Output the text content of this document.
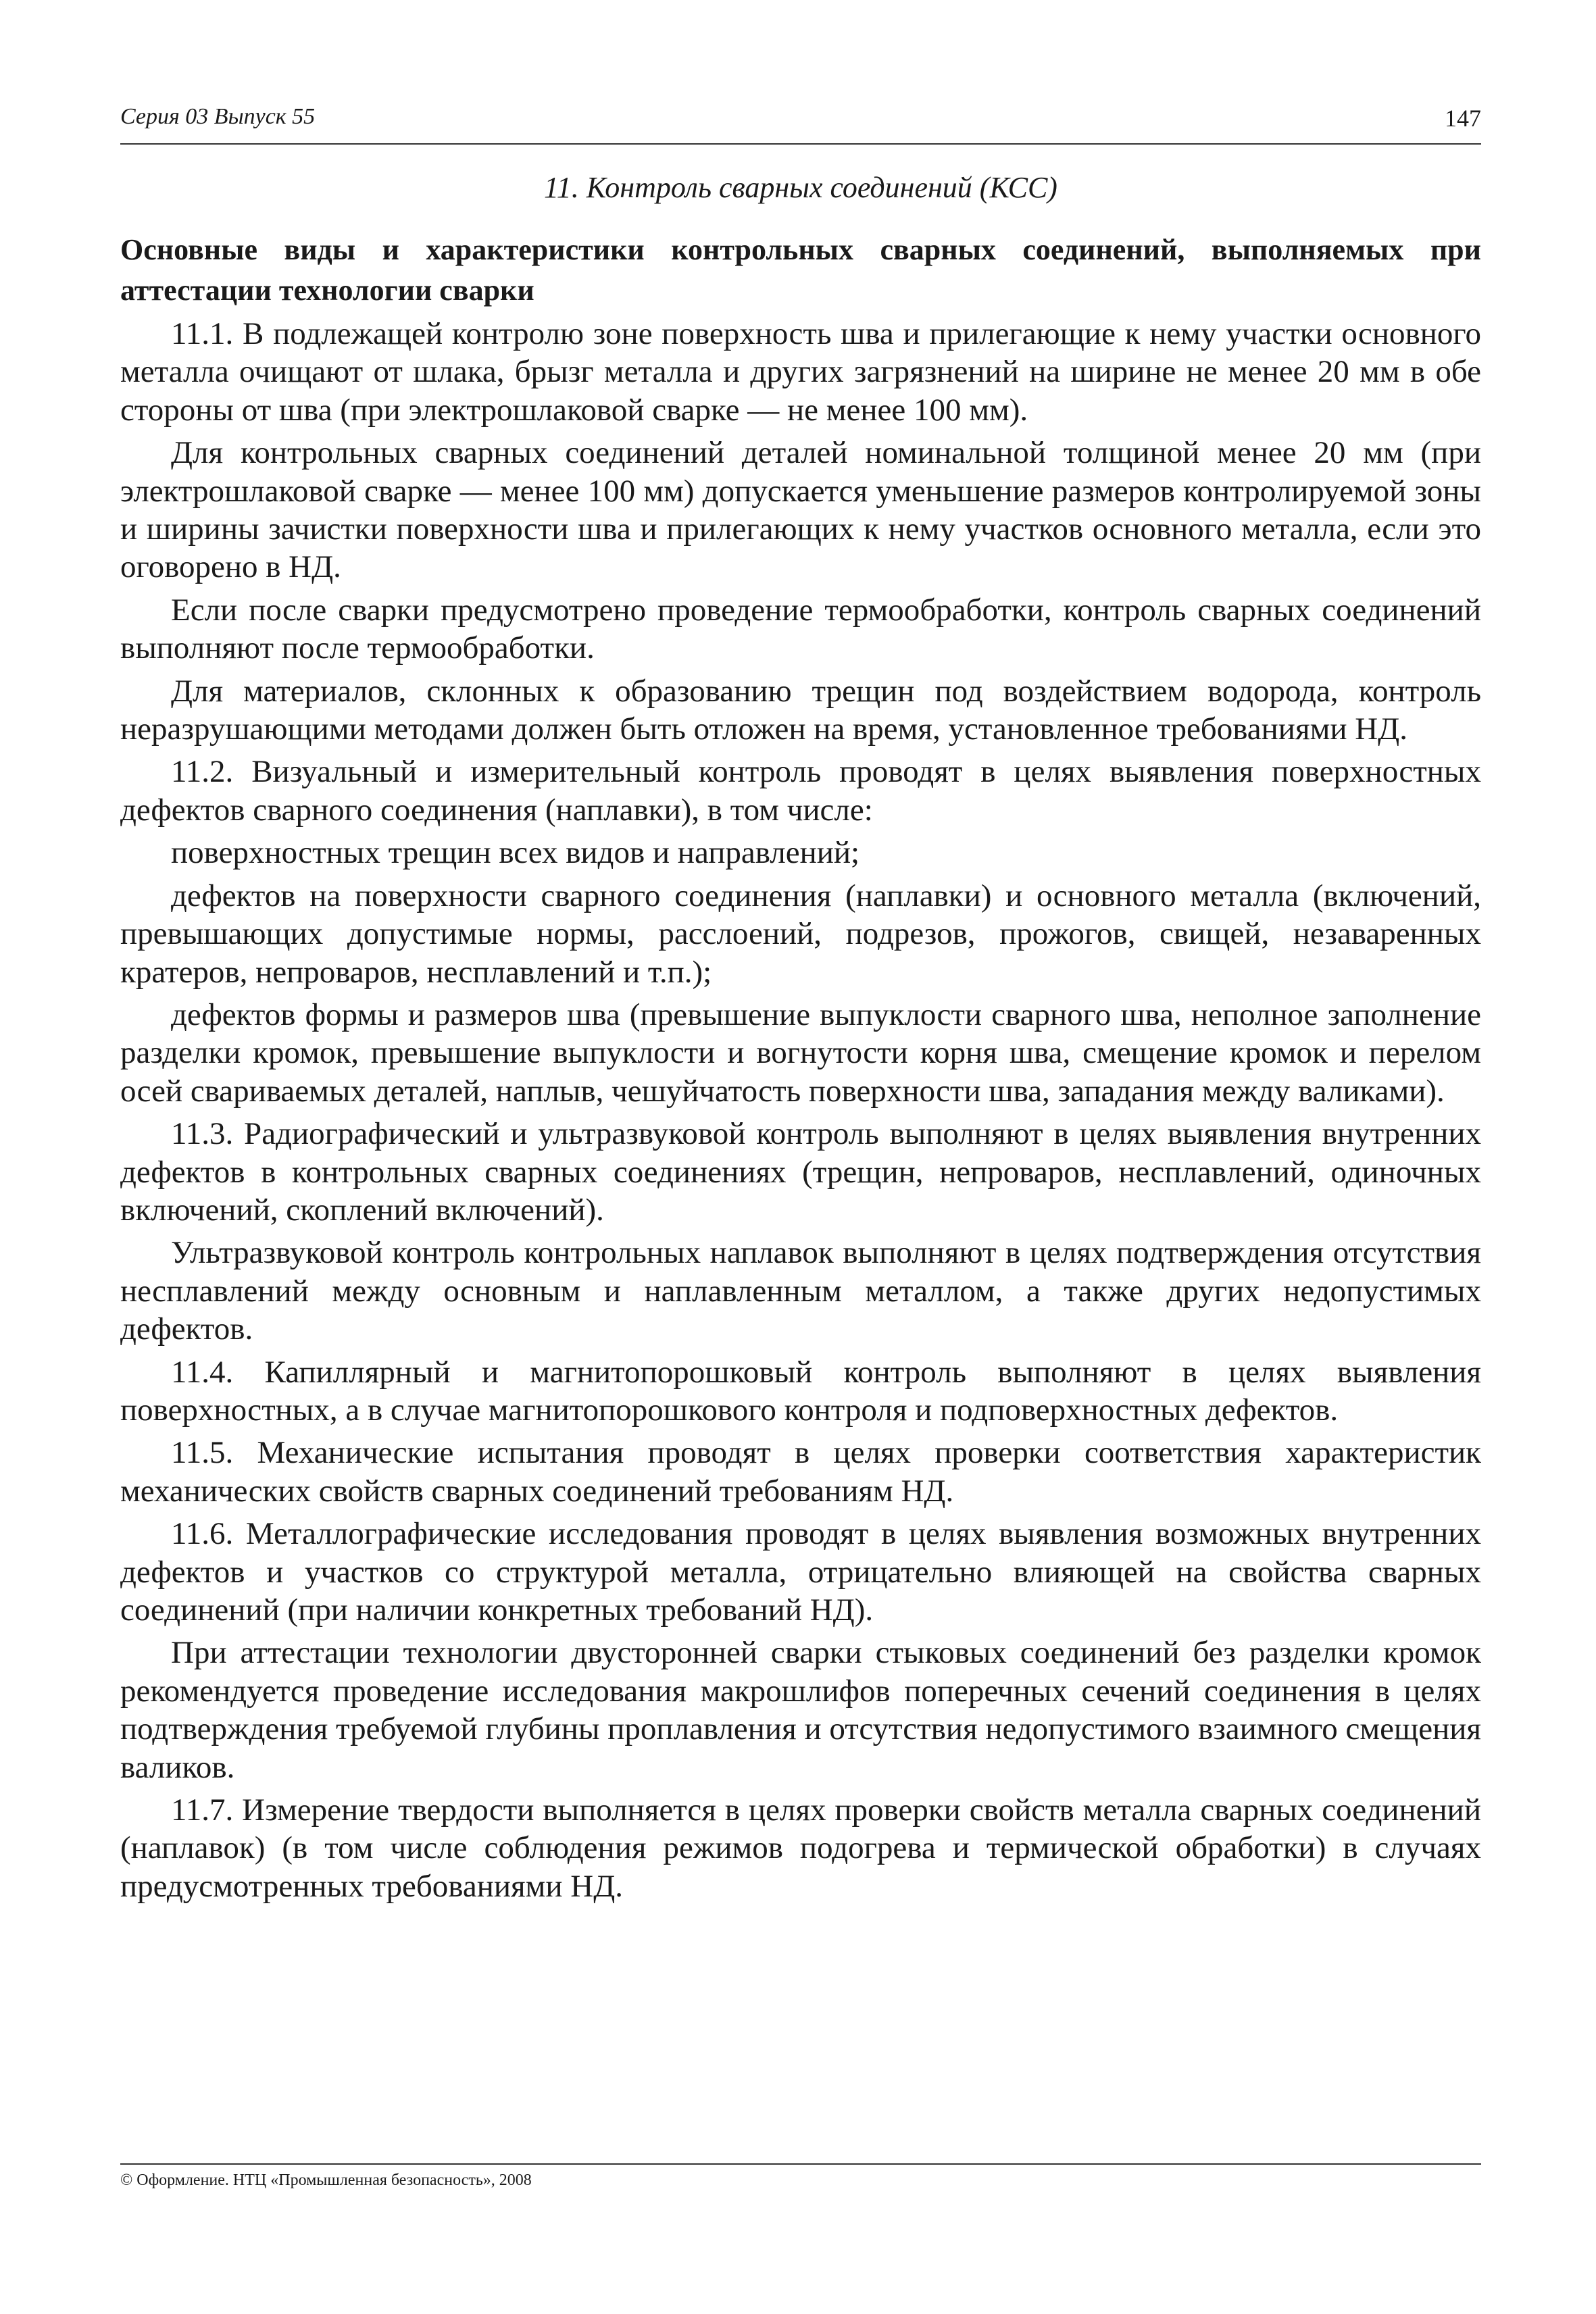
Серия 03 Выпуск 55	147
11. Контроль сварных соединений (КСС)
Основные виды и характеристики контрольных сварных соединений, выполняемых при аттестации технологии сварки

11.1. В подлежащей контролю зоне поверхность шва и прилегающие к нему участки основного металла очищают от шлака, брызг металла и других загрязнений на ширине не менее 20 мм в обе стороны от шва (при электрошлаковой сварке — не менее 100 мм).

Для контрольных сварных соединений деталей номинальной толщиной менее 20 мм (при электрошлаковой сварке — менее 100 мм) допускается уменьшение размеров контролируемой зоны и ширины зачистки поверхности шва и прилегающих к нему участков основного металла, если это оговорено в НД.

Если после сварки предусмотрено проведение термообработки, контроль сварных соединений выполняют после термообработки.

Для материалов, склонных к образованию трещин под воздействием водорода, контроль неразрушающими методами должен быть отложен на время, установленное требованиями НД.

11.2. Визуальный и измерительный контроль проводят в целях выявления поверхностных дефектов сварного соединения (наплавки), в том числе:

поверхностных трещин всех видов и направлений;

дефектов на поверхности сварного соединения (наплавки) и основного металла (включений, превышающих допустимые нормы, расслоений, подрезов, прожогов, свищей, незаваренных кратеров, непроваров, несплавлений и т.п.);

дефектов формы и размеров шва (превышение выпуклости сварного шва, неполное заполнение разделки кромок, превышение выпуклости и вогнутости корня шва, смещение кромок и перелом осей свариваемых деталей, наплыв, чешуйчатость поверхности шва, западания между валиками).

11.3. Радиографический и ультразвуковой контроль выполняют в целях выявления внутренних дефектов в контрольных сварных соединениях (трещин, непроваров, несплавлений, одиночных включений, скоплений включений).

Ультразвуковой контроль контрольных наплавок выполняют в целях подтверждения отсутствия несплавлений между основным и наплавленным металлом, а также других недопустимых дефектов.

11.4. Капиллярный и магнитопорошковый контроль выполняют в целях выявления поверхностных, а в случае магнитопорошкового контроля и подповерхностных дефектов.

11.5. Механические испытания проводят в целях проверки соответствия характеристик механических свойств сварных соединений требованиям НД.

11.6. Металлографические исследования проводят в целях выявления возможных внутренних дефектов и участков со структурой металла, отрицательно влияющей на свойства сварных соединений (при наличии конкретных требований НД).

При аттестации технологии двусторонней сварки стыковых соединений без разделки кромок рекомендуется проведение исследования макрошлифов поперечных сечений соединения в целях подтверждения требуемой глубины проплавления и отсутствия недопустимого взаимного смещения валиков.

11.7. Измерение твердости выполняется в целях проверки свойств металла сварных соединений (наплавок) (в том числе соблюдения режимов подогрева и термической обработки) в случаях предусмотренных требованиями НД.

© Оформление. НТЦ «Промышленная безопасность», 2008
